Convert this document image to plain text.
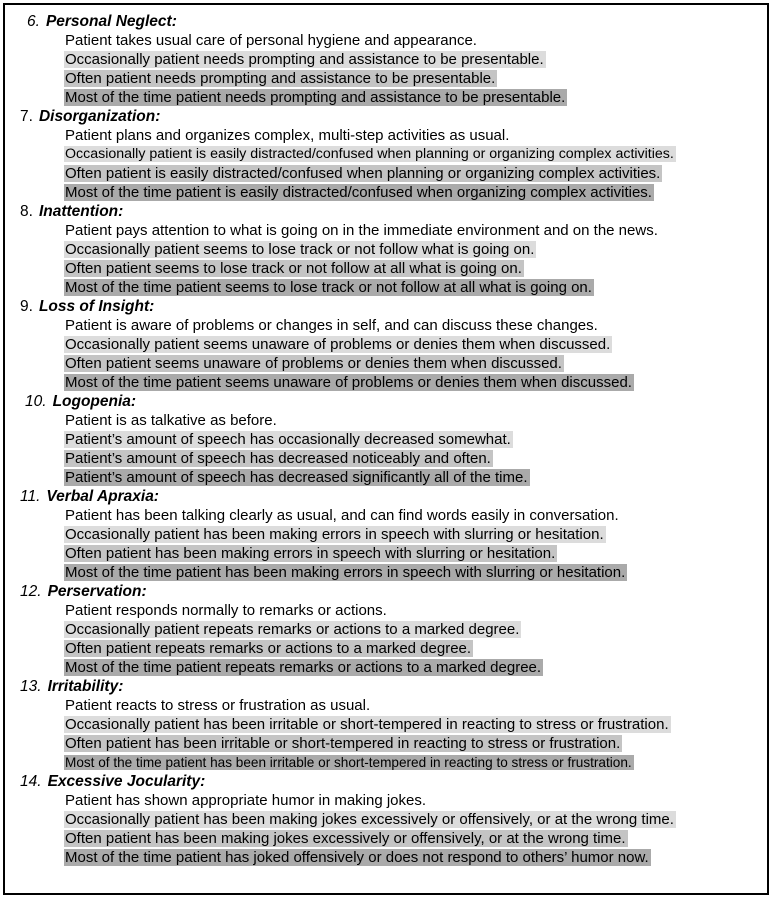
6. Personal Neglect:
Patient takes usual care of personal hygiene and appearance.
Occasionally patient needs prompting and assistance to be presentable.
Often patient needs prompting and assistance to be presentable.
Most of the time patient needs prompting and assistance to be presentable.
7. Disorganization:
Patient plans and organizes complex, multi-step activities as usual.
Occasionally patient is easily distracted/confused when planning or organizing complex activities.
Often patient is easily distracted/confused when planning or organizing complex activities.
Most of the time patient is easily distracted/confused when organizing complex activities.
8. Inattention:
Patient pays attention to what is going on in the immediate environment and on the news.
Occasionally patient seems to lose track or not follow what is going on.
Often patient seems to lose track or not follow at all what is going on.
Most of the time patient seems to lose track or not follow at all what is going on.
9. Loss of Insight:
Patient is aware of problems or changes in self, and can discuss these changes.
Occasionally patient seems unaware of problems or denies them when discussed.
Often patient seems unaware of problems or denies them when discussed.
Most of the time patient seems unaware of problems or denies them when discussed.
10. Logopenia:
Patient is as talkative as before.
Patient’s amount of speech has occasionally decreased somewhat.
Patient’s amount of speech has decreased noticeably and often.
Patient’s amount of speech has decreased significantly all of the time.
11. Verbal Apraxia:
Patient has been talking clearly as usual, and can find words easily in conversation.
Occasionally patient has been making errors in speech with slurring or hesitation.
Often patient has been making errors in speech with slurring or hesitation.
Most of the time patient has been making errors in speech with slurring or hesitation.
12. Perservation:
Patient responds normally to remarks or actions.
Occasionally patient repeats remarks or actions to a marked degree.
Often patient repeats remarks or actions to a marked degree.
Most of the time patient repeats remarks or actions to a marked degree.
13. Irritability:
Patient reacts to stress or frustration as usual.
Occasionally patient has been irritable or short-tempered in reacting to stress or frustration.
Often patient has been irritable or short-tempered in reacting to stress or frustration.
Most of the time patient has been irritable or short-tempered in reacting to stress or frustration.
14. Excessive Jocularity:
Patient has shown appropriate humor in making jokes.
Occasionally patient has been making jokes excessively or offensively, or at the wrong time.
Often patient has been making jokes excessively or offensively, or at the wrong time.
Most of the time patient has joked offensively or does not respond to others’ humor now.
